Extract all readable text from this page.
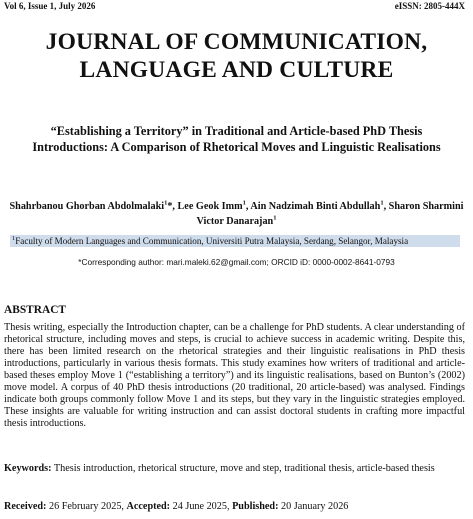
Vol 6, Issue 1, July 2026	eISSN: 2805-444X
JOURNAL OF COMMUNICATION,
LANGUAGE AND CULTURE
“Establishing a Territory” in Traditional and Article-based PhD Thesis Introductions: A Comparison of Rhetorical Moves and Linguistic Realisations
Shahrbanou Ghorban Abdolmalaki$^1$*, Lee Geok Imm$^1$, Ain Nadzimah Binti Abdullah$^1$, Sharon Sharmini Victor Danarajan$^1$
$^1$Faculty of Modern Languages and Communication, Universiti Putra Malaysia, Serdang, Selangor, Malaysia
*Corresponding author: mari.maleki.62@gmail.com; ORCID iD: 0000-0002-8641-0793
ABSTRACT
Thesis writing, especially the Introduction chapter, can be a challenge for PhD students. A clear understanding of rhetorical structure, including moves and steps, is crucial to achieve success in academic writing. Despite this, there has been limited research on the rhetorical strategies and their linguistic realisations in PhD thesis introductions, particularly in various thesis formats. This study examines how writers of traditional and article-based theses employ Move 1 (“establishing a territory”) and its linguistic realisations, based on Bunton’s (2002) move model. A corpus of 40 PhD thesis introductions (20 traditional, 20 article-based) was analysed. Findings indicate both groups commonly follow Move 1 and its steps, but they vary in the linguistic strategies employed. These insights are valuable for writing instruction and can assist doctoral students in crafting more impactful thesis introductions.
Keywords: Thesis introduction, rhetorical structure, move and step, traditional thesis, article-based thesis
Received: 26 February 2025, Accepted: 24 June 2025, Published: 20 January 2026
